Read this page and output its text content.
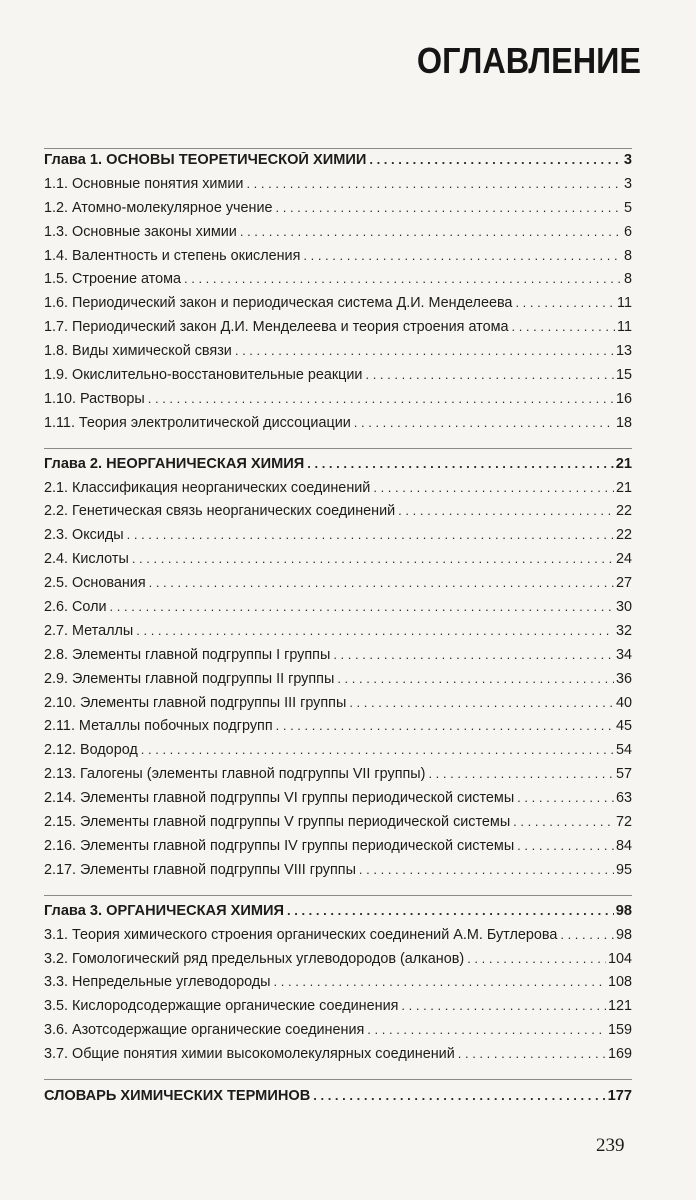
ОГЛАВЛЕНИЕ
Глава 1. ОСНОВЫ ТЕОРЕТИЧЕСКОЙ ХИМИИ . . .	3
1.1. Основные понятия химии . . .	3
1.2. Атомно-молекулярное учение . . .	5
1.3. Основные законы химии . . .	6
1.4. Валентность и степень окисления . . .	8
1.5. Строение атома . . .	8
1.6. Периодический закон и периодическая система Д.И. Менделеева . . .	11
1.7. Периодический закон Д.И. Менделеева и теория строения атома . . .	11
1.8. Виды химической связи . . .	13
1.9. Окислительно-восстановительные реакции . . .	15
1.10. Растворы . . .	16
1.11. Теория электролитической диссоциации . . .	18
Глава 2. НЕОРГАНИЧЕСКАЯ ХИМИЯ . . .	21
2.1. Классификация неорганических соединений . . .	21
2.2. Генетическая связь неорганических соединений . . .	22
2.3. Оксиды . . .	22
2.4. Кислоты . . .	24
2.5. Основания . . .	27
2.6. Соли . . .	30
2.7. Металлы . . .	32
2.8. Элементы главной подгруппы I группы . . .	34
2.9. Элементы главной подгруппы II группы . . .	36
2.10. Элементы главной подгруппы III группы . . .	40
2.11. Металлы побочных подгрупп . . .	45
2.12. Водород . . .	54
2.13. Галогены (элементы главной подгруппы VII группы) . . .	57
2.14. Элементы главной подгруппы VI группы периодической системы . . .	63
2.15. Элементы главной подгруппы V группы периодической системы . . .	72
2.16. Элементы главной подгруппы IV группы периодической системы . . .	84
2.17. Элементы главной подгруппы VIII группы . . .	95
Глава 3. ОРГАНИЧЕСКАЯ ХИМИЯ . . .	98
3.1. Теория химического строения органических соединений А.М. Бутлерова . . .	98
3.2. Гомологический ряд предельных углеводородов (алканов) . . .	104
3.3. Непредельные углеводороды . . .	108
3.5. Кислородсодержащие органические соединения . . .	121
3.6. Азотсодержащие органические соединения . . .	159
3.7. Общие понятия химии высокомолекулярных соединений . . .	169
СЛОВАРЬ ХИМИЧЕСКИХ ТЕРМИНОВ . . .	177
239
